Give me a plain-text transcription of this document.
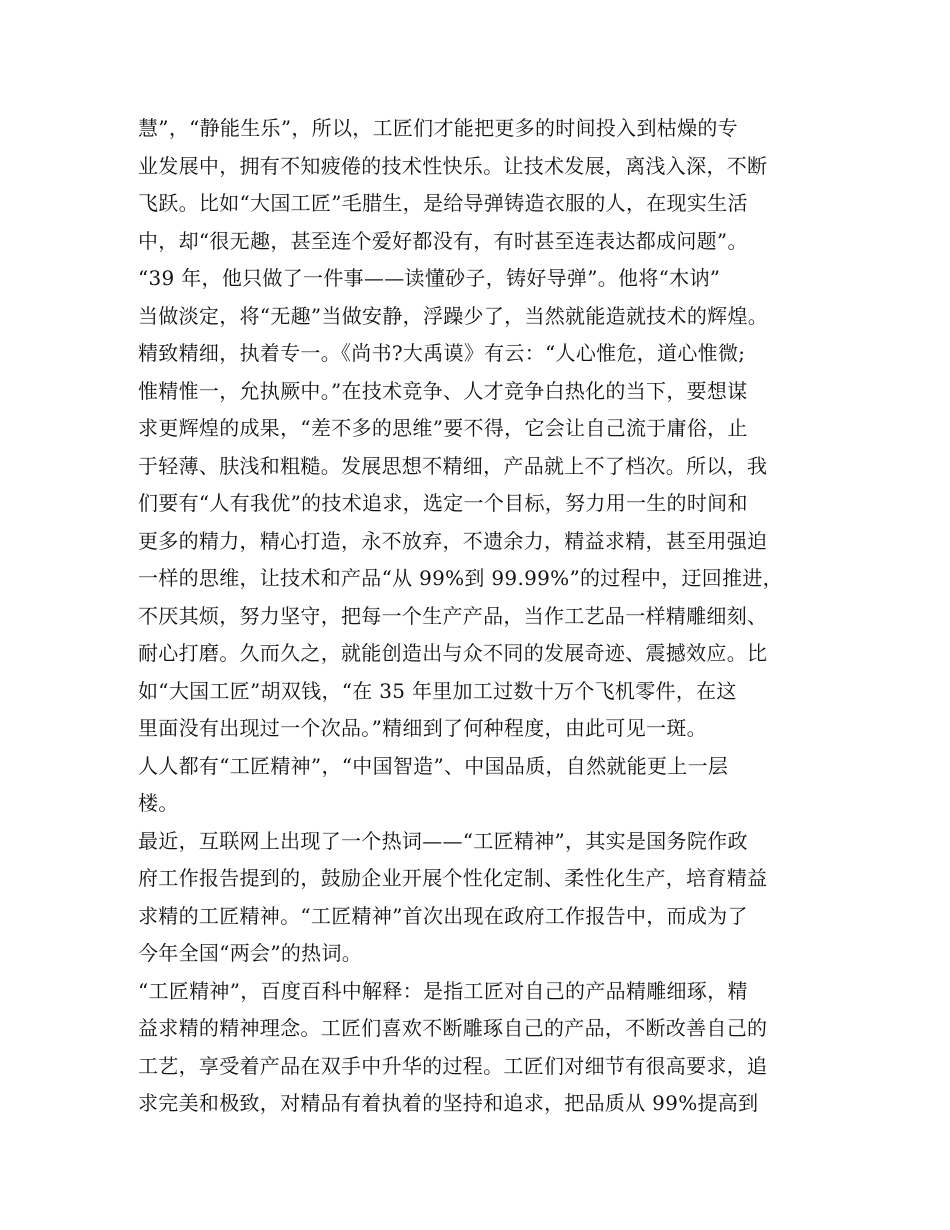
慧”，“静能生乐”，所以，工匠们才能把更多的时间投入到枯燥的专
业发展中，拥有不知疲倦的技术性快乐。让技术发展，离浅入深，不断
飞跃。比如“大国工匠”毛腊生，是给导弹铸造衣服的人，在现实生活
中，却“很无趣，甚至连个爱好都没有，有时甚至连表达都成问题”。
“39 年，他只做了一件事——读懂砂子，铸好导弹”。他将“木讷”
当做淡定，将“无趣”当做安静，浮躁少了，当然就能造就技术的辉煌。
精致精细，执着专一。《尚书?大禹谟》有云：“人心惟危，道心惟微;
惟精惟一，允执厥中。”在技术竞争、人才竞争白热化的当下，要想谋
求更辉煌的成果，“差不多的思维”要不得，它会让自己流于庸俗，止
于轻薄、肤浅和粗糙。发展思想不精细，产品就上不了档次。所以，我
们要有“人有我优”的技术追求，选定一个目标，努力用一生的时间和
更多的精力，精心打造，永不放弃，不遗余力，精益求精，甚至用强迫
一样的思维，让技术和产品“从 99%到 99.99%”的过程中，迂回推进，
不厌其烦，努力坚守，把每一个生产产品，当作工艺品一样精雕细刻、
耐心打磨。久而久之，就能创造出与众不同的发展奇迹、震撼效应。比
如“大国工匠”胡双钱，“在 35 年里加工过数十万个飞机零件，在这
里面没有出现过一个次品。”精细到了何种程度，由此可见一斑。
人人都有“工匠精神”，“中国智造”、中国品质，自然就能更上一层
楼。
最近，互联网上出现了一个热词——“工匠精神”，其实是国务院作政
府工作报告提到的，鼓励企业开展个性化定制、柔性化生产，培育精益
求精的工匠精神。“工匠精神”首次出现在政府工作报告中，而成为了
今年全国“两会”的热词。
“工匠精神”，百度百科中解释：是指工匠对自己的产品精雕细琢，精
益求精的精神理念。工匠们喜欢不断雕琢自己的产品，不断改善自己的
工艺，享受着产品在双手中升华的过程。工匠们对细节有很高要求，追
求完美和极致，对精品有着执着的坚持和追求，把品质从 99%提高到
